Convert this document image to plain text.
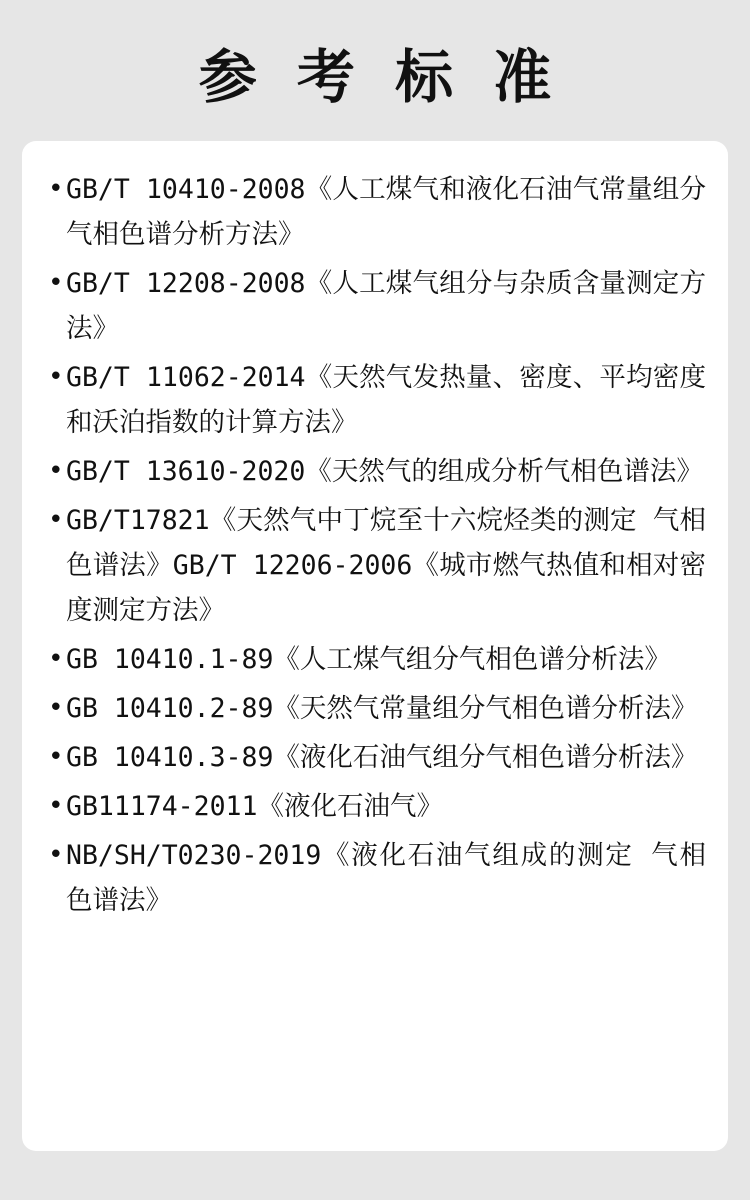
参 考 标 准
• GB/T 10410-2008《人工煤气和液化石油气常量组分气相色谱分析方法》
• GB/T 12208-2008《人工煤气组分与杂质含量测定方法》
• GB/T 11062-2014《天然气发热量、密度、平均密度和沃泊指数的计算方法》
• GB/T 13610-2020《天然气的组成分析气相色谱法》
• GB/T17821《天然气中丁烷至十六烷烃类的测定 气相色谱法》GB/T 12206-2006《城市燃气热值和相对密度测定方法》
• GB 10410.1-89《人工煤气组分气相色谱分析法》
• GB 10410.2-89《天然气常量组分气相色谱分析法》
• GB 10410.3-89《液化石油气组分气相色谱分析法》
• GB11174-2011《液化石油气》
• NB/SH/T0230-2019《液化石油气组成的测定 气相色谱法》
